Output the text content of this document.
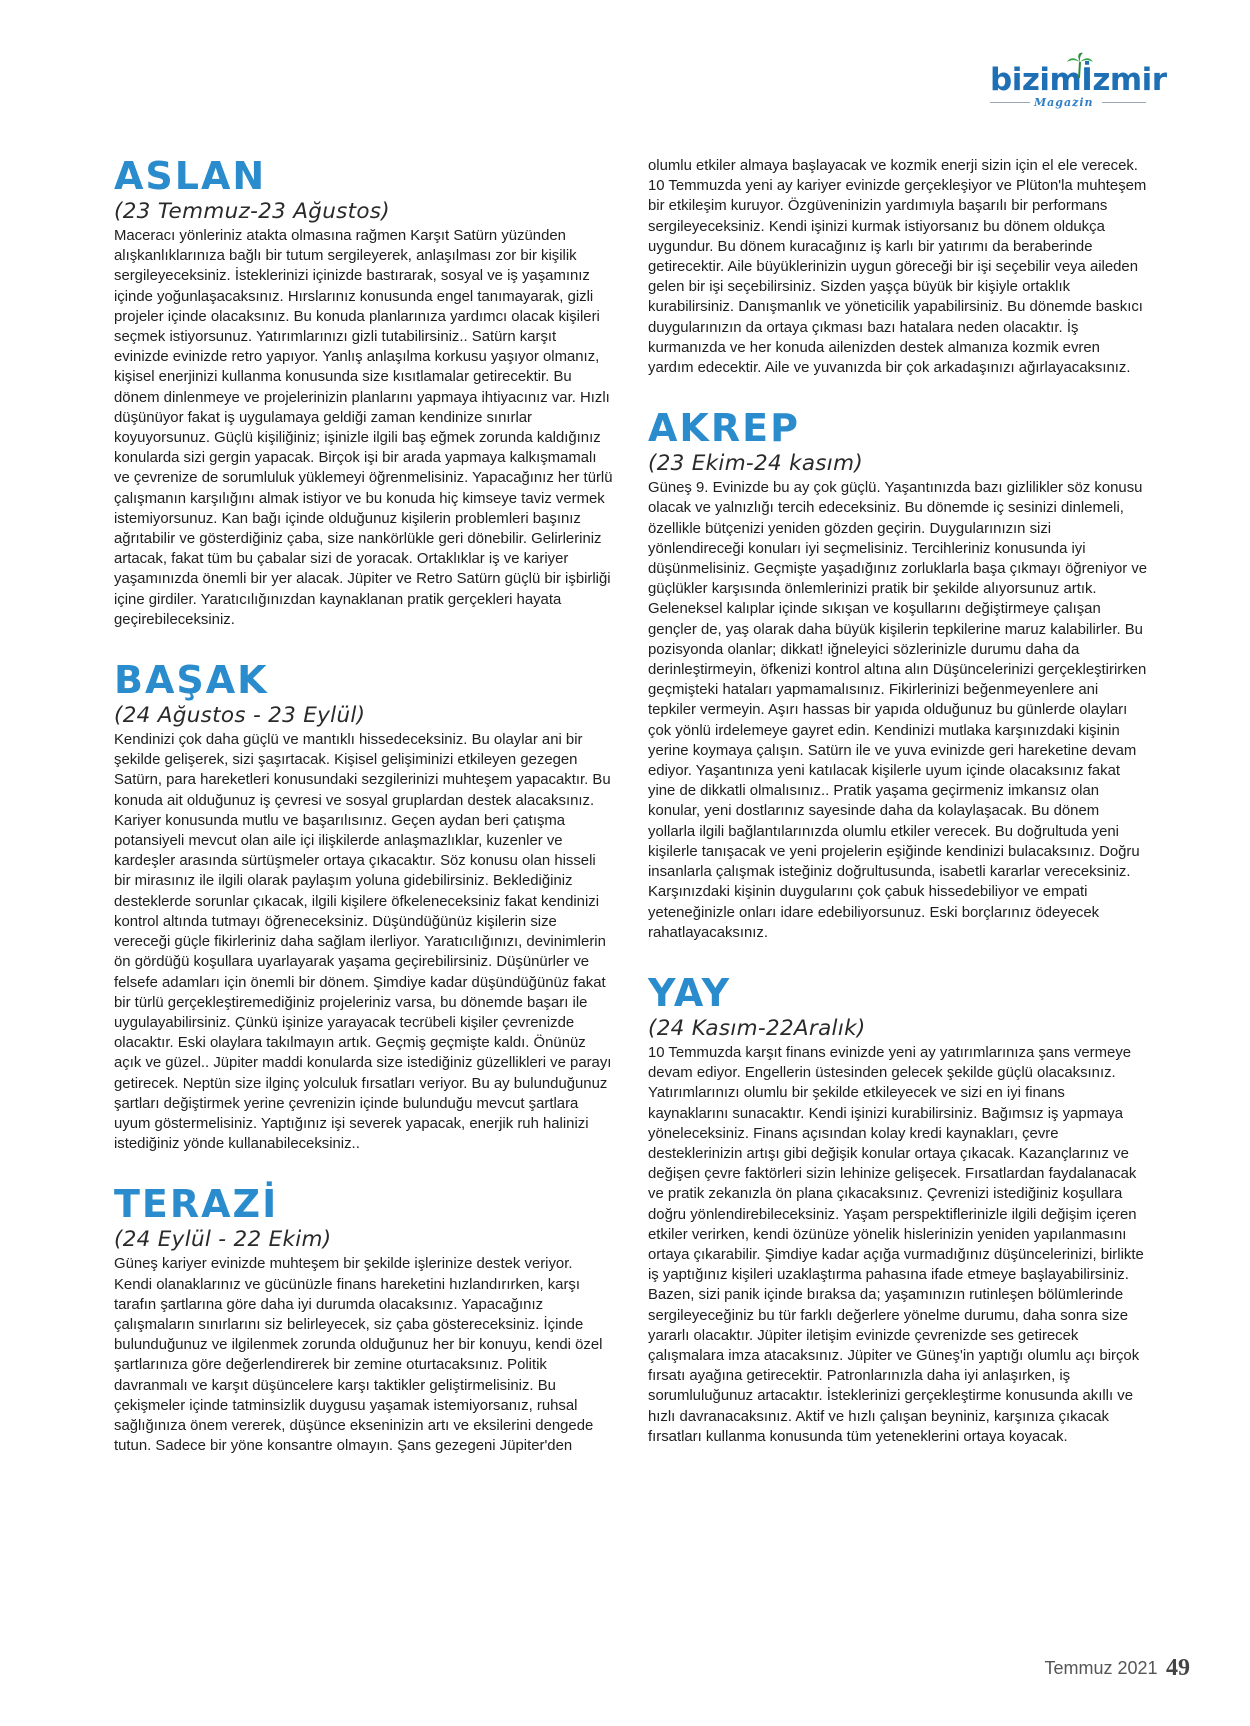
bizimİzmir
Magazin
ASLAN
(23 Temmuz-23 Ağustos)

Maceracı yönleriniz atakta olmasına rağmen Karşıt Satürn yüzünden alışkanlıklarınıza bağlı bir tutum sergileyerek, anlaşılması zor bir kişilik sergileyeceksiniz. İsteklerinizi içinizde bastırarak, sosyal ve iş yaşamınız içinde yoğunlaşacaksınız. Hırslarınız konusunda engel tanımayarak, gizli projeler içinde olacaksınız. Bu konuda planlarınıza yardımcı olacak kişileri seçmek istiyorsunuz. Yatırımlarınızı gizli tutabilirsiniz.. Satürn karşıt evinizde evinizde retro yapıyor. Yanlış anlaşılma korkusu yaşıyor olmanız, kişisel enerjinizi kullanma konusunda size kısıtlamalar getirecektir. Bu dönem dinlenmeye ve projelerinizin planlarını yapmaya ihtiyacınız var. Hızlı düşünüyor fakat iş uygulamaya geldiği zaman kendinize sınırlar koyuyorsunuz. Güçlü kişiliğiniz; işinizle ilgili baş eğmek zorunda kaldığınız konularda sizi gergin yapacak. Birçok işi bir arada yapmaya kalkışmamalı ve çevrenize de sorumluluk yüklemeyi öğrenmelisiniz. Yapacağınız her türlü çalışmanın karşılığını almak istiyor ve bu konuda hiç kimseye taviz vermek istemiyorsunuz. Kan bağı içinde olduğunuz kişilerin problemleri başınız ağrıtabilir ve gösterdiğiniz çaba, size nankörlükle geri dönebilir. Gelirleriniz artacak, fakat tüm bu çabalar sizi de yoracak. Ortaklıklar iş ve kariyer yaşamınızda önemli bir yer alacak. Jüpiter ve Retro Satürn güçlü bir işbirliği içine girdiler. Yaratıcılığınızdan kaynaklanan pratik gerçekleri hayata geçirebileceksiniz.

BAŞAK
(24 Ağustos - 23 Eylül)

Kendinizi çok daha güçlü ve mantıklı hissedeceksiniz. Bu olaylar ani bir şekilde gelişerek, sizi şaşırtacak. Kişisel gelişiminizi etkileyen gezegen Satürn, para hareketleri konusundaki sezgilerinizi muhteşem yapacaktır. Bu konuda ait olduğunuz iş çevresi ve sosyal gruplardan destek alacaksınız. Kariyer konusunda mutlu ve başarılısınız. Geçen aydan beri çatışma potansiyeli mevcut olan aile içi ilişkilerde anlaşmazlıklar, kuzenler ve kardeşler arasında sürtüşmeler ortaya çıkacaktır. Söz konusu olan hisseli bir mirasınız ile ilgili olarak paylaşım yoluna gidebilirsiniz. Beklediğiniz desteklerde sorunlar çıkacak, ilgili kişilere öfkeleneceksiniz fakat kendinizi kontrol altında tutmayı öğreneceksiniz. Düşündüğünüz kişilerin size vereceği güçle fikirleriniz daha sağlam ilerliyor. Yaratıcılığınızı, devinimlerin ön gördüğü koşullara uyarlayarak yaşama geçirebilirsiniz. Düşünürler ve felsefe adamları için önemli bir dönem. Şimdiye kadar düşündüğünüz fakat bir türlü gerçekleştiremediğiniz projeleriniz varsa, bu dönemde başarı ile uygulayabilirsiniz. Çünkü işinize yarayacak tecrübeli kişiler çevrenizde olacaktır. Eski olaylara takılmayın artık. Geçmiş geçmişte kaldı. Önünüz açık ve güzel.. Jüpiter maddi konularda size istediğiniz güzellikleri ve parayı getirecek. Neptün size ilginç yolculuk fırsatları veriyor. Bu ay bulunduğunuz şartları değiştirmek yerine çevrenizin içinde bulunduğu mevcut şartlara uyum göstermelisiniz. Yaptığınız işi severek yapacak, enerjik ruh halinizi istediğiniz yönde kullanabileceksiniz..

TERAZİ
(24 Eylül - 22 Ekim)

Güneş kariyer evinizde muhteşem bir şekilde işlerinize destek veriyor. Kendi olanaklarınız ve gücünüzle finans hareketini hızlandırırken, karşı tarafın şartlarına göre daha iyi durumda olacaksınız. Yapacağınız çalışmaların sınırlarını siz belirleyecek, siz çaba göstereceksiniz. İçinde bulunduğunuz ve ilgilenmek zorunda olduğunuz her bir konuyu, kendi özel şartlarınıza göre değerlendirerek bir zemine oturtacaksınız. Politik davranmalı ve karşıt düşüncelere karşı taktikler geliştirmelisiniz. Bu çekişmeler içinde tatminsizlik duygusu yaşamak istemiyorsanız, ruhsal sağlığınıza önem vererek, düşünce ekseninizin artı ve eksilerini dengede tutun. Sadece bir yöne konsantre olmayın. Şans gezegeni Jüpiter'den

olumlu etkiler almaya başlayacak ve kozmik enerji sizin için el ele verecek. 10 Temmuzda yeni ay kariyer evinizde gerçekleşiyor ve Plüton'la muhteşem bir etkileşim kuruyor. Özgüveninizin yardımıyla başarılı bir performans sergileyeceksiniz. Kendi işinizi kurmak istiyorsanız bu dönem oldukça uygundur. Bu dönem kuracağınız iş karlı bir yatırımı da beraberinde getirecektir. Aile büyüklerinizin uygun göreceği bir işi seçebilir veya aileden gelen bir işi seçebilirsiniz. Sizden yaşça büyük bir kişiyle ortaklık kurabilirsiniz. Danışmanlık ve yöneticilik yapabilirsiniz. Bu dönemde baskıcı duygularınızın da ortaya çıkması bazı hatalara neden olacaktır. İş kurmanızda ve her konuda ailenizden destek almanıza kozmik evren yardım edecektir. Aile ve yuvanızda bir çok arkadaşınızı ağırlayacaksınız.

AKREP
(23 Ekim-24 kasım)

Güneş 9. Evinizde bu ay çok güçlü. Yaşantınızda bazı gizlilikler söz konusu olacak ve yalnızlığı tercih edeceksiniz. Bu dönemde iç sesinizi dinlemeli, özellikle bütçenizi yeniden gözden geçirin. Duygularınızın sizi yönlendireceği konuları iyi seçmelisiniz. Tercihleriniz konusunda iyi düşünmelisiniz. Geçmişte yaşadığınız zorluklarla başa çıkmayı öğreniyor ve güçlükler karşısında önlemlerinizi pratik bir şekilde alıyorsunuz artık. Geleneksel kalıplar içinde sıkışan ve koşullarını değiştirmeye çalışan gençler de, yaş olarak daha büyük kişilerin tepkilerine maruz kalabilirler. Bu pozisyonda olanlar; dikkat! iğneleyici sözlerinizle durumu daha da derinleştirmeyin, öfkenizi kontrol altına alın Düşüncelerinizi gerçekleştirirken geçmişteki hataları yapmamalısınız. Fikirlerinizi beğenmeyenlere ani tepkiler vermeyin. Aşırı hassas bir yapıda olduğunuz bu günlerde olayları çok yönlü irdelemeye gayret edin. Kendinizi mutlaka karşınızdaki kişinin yerine koymaya çalışın. Satürn ile ve yuva evinizde geri hareketine devam ediyor. Yaşantınıza yeni katılacak kişilerle uyum içinde olacaksınız fakat yine de dikkatli olmalısınız.. Pratik yaşama geçirmeniz imkansız olan konular, yeni dostlarınız sayesinde daha da kolaylaşacak. Bu dönem yollarla ilgili bağlantılarınızda olumlu etkiler verecek. Bu doğrultuda yeni kişilerle tanışacak ve yeni projelerin eşiğinde kendinizi bulacaksınız. Doğru insanlarla çalışmak isteğiniz doğrultusunda, isabetli kararlar vereceksiniz. Karşınızdaki kişinin duygularını çok çabuk hissedebiliyor ve empati yeteneğinizle onları idare edebiliyorsunuz. Eski borçlarınız ödeyecek rahatlayacaksınız.

YAY
(24 Kasım-22Aralık)

10 Temmuzda karşıt finans evinizde yeni ay yatırımlarınıza şans vermeye devam ediyor. Engellerin üstesinden gelecek şekilde güçlü olacaksınız. Yatırımlarınızı olumlu bir şekilde etkileyecek ve sizi en iyi finans kaynaklarını sunacaktır. Kendi işinizi kurabilirsiniz. Bağımsız iş yapmaya yöneleceksiniz. Finans açısından kolay kredi kaynakları, çevre desteklerinizin artışı gibi değişik konular ortaya çıkacak. Kazançlarınız ve değişen çevre faktörleri sizin lehinize gelişecek. Fırsatlardan faydalanacak ve pratik zekanızla ön plana çıkacaksınız. Çevrenizi istediğiniz koşullara doğru yönlendirebileceksiniz. Yaşam perspektiflerinizle ilgili değişim içeren etkiler verirken, kendi özünüze yönelik hislerinizin yeniden yapılanmasını ortaya çıkarabilir. Şimdiye kadar açığa vurmadığınız düşüncelerinizi, birlikte iş yaptığınız kişileri uzaklaştırma pahasına ifade etmeye başlayabilirsiniz. Bazen, sizi panik içinde bıraksa da; yaşamınızın rutinleşen bölümlerinde sergileyeceğiniz bu tür farklı değerlere yönelme durumu, daha sonra size yararlı olacaktır. Jüpiter iletişim evinizde çevrenizde ses getirecek çalışmalara imza atacaksınız. Jüpiter ve Güneş'in yaptığı olumlu açı birçok fırsatı ayağına getirecektir. Patronlarınızla daha iyi anlaşırken, iş sorumluluğunuz artacaktır. İsteklerinizi gerçekleştirme konusunda akıllı ve hızlı davranacaksınız. Aktif ve hızlı çalışan beyniniz, karşınıza çıkacak fırsatları kullanma konusunda tüm yeteneklerini ortaya koyacak.

Temmuz 2021 49
